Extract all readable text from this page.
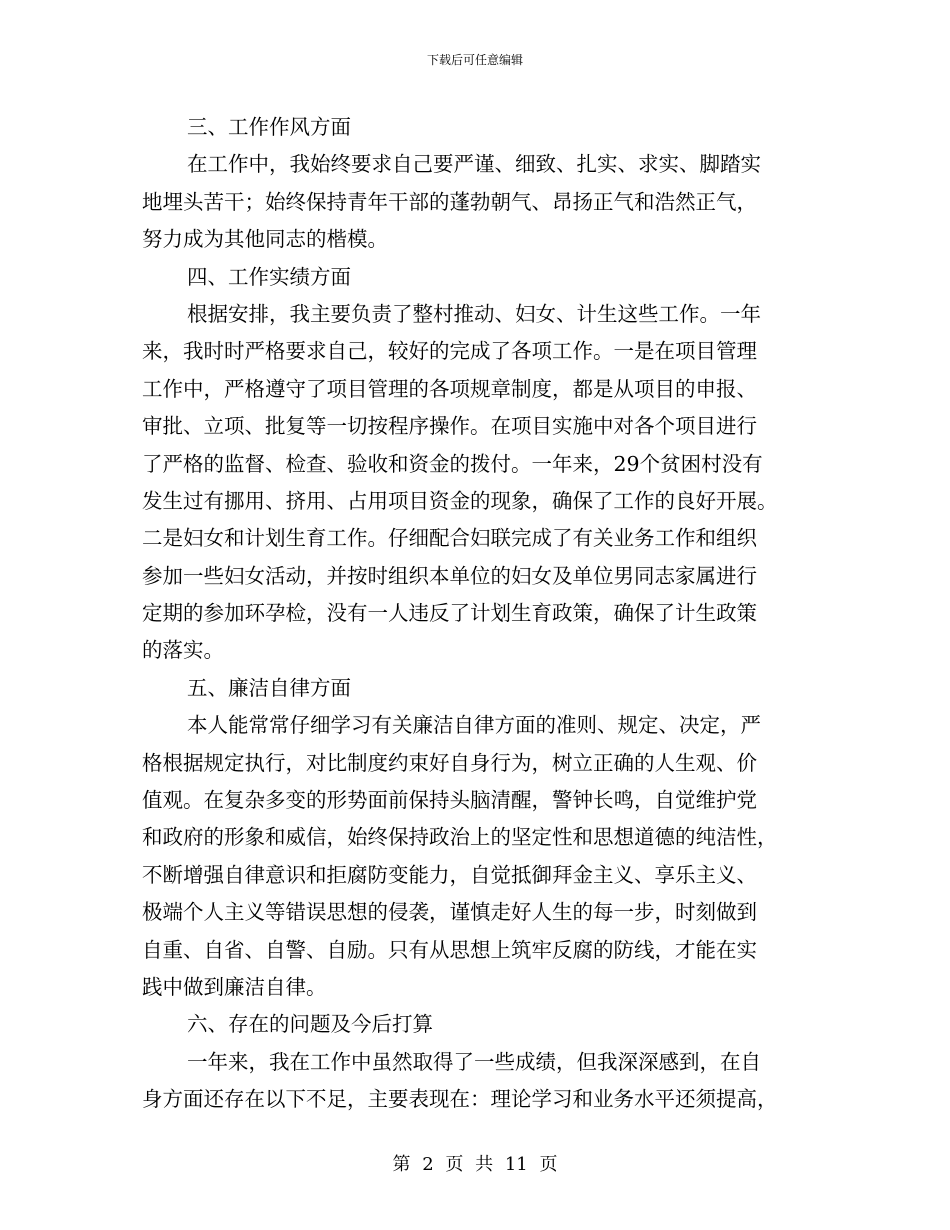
下载后可任意编辑
三、工作作风方面
在工作中，我始终要求自己要严谨、细致、扎实、求实、脚踏实
地埋头苦干；始终保持青年干部的蓬勃朝气、昂扬正气和浩然正气，
努力成为其他同志的楷模。
四、工作实绩方面
根据安排，我主要负责了整村推动、妇女、计生这些工作。一年
来，我时时严格要求自己，较好的完成了各项工作。一是在项目管理
工作中，严格遵守了项目管理的各项规章制度，都是从项目的申报、
审批、立项、批复等一切按程序操作。在项目实施中对各个项目进行
了严格的监督、检查、验收和资金的拨付。一年来，29个贫困村没有
发生过有挪用、挤用、占用项目资金的现象，确保了工作的良好开展。
二是妇女和计划生育工作。仔细配合妇联完成了有关业务工作和组织
参加一些妇女活动，并按时组织本单位的妇女及单位男同志家属进行
定期的参加环孕检，没有一人违反了计划生育政策，确保了计生政策
的落实。
五、廉洁自律方面
本人能常常仔细学习有关廉洁自律方面的准则、规定、决定，严
格根据规定执行，对比制度约束好自身行为，树立正确的人生观、价
值观。在复杂多变的形势面前保持头脑清醒，警钟长鸣，自觉维护党
和政府的形象和威信，始终保持政治上的坚定性和思想道德的纯洁性，
不断增强自律意识和拒腐防变能力，自觉抵御拜金主义、享乐主义、
极端个人主义等错误思想的侵袭，谨慎走好人生的每一步，时刻做到
自重、自省、自警、自励。只有从思想上筑牢反腐的防线，才能在实
践中做到廉洁自律。
六、存在的问题及今后打算
一年来，我在工作中虽然取得了一些成绩，但我深深感到，在自
身方面还存在以下不足，主要表现在：理论学习和业务水平还须提高，
第 2 页 共 11 页
